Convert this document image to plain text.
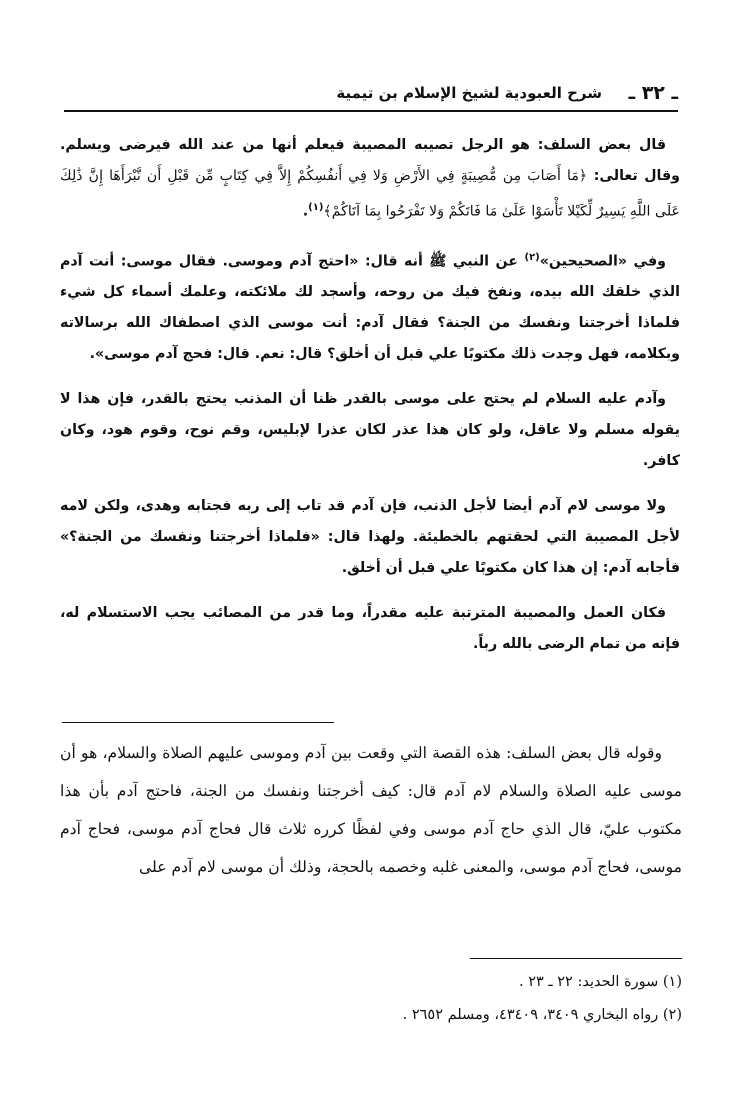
ـ ٣٢ ـ
شرح العبودية لشيخ الإسلام بن تيمية

قال بعض السلف: هو الرجل تصيبه المصيبة فيعلم أنها من عند الله فيرضى ويسلم. وقال تعالى: ﴿مَا أَصَابَ مِن مُّصِيبَةٍ فِي الأَرْضِ وَلا فِي أَنفُسِكُمْ إِلاَّ فِي كِتَابٍ مِّن قَبْلِ أَن نَّبْرَأَهَا إِنَّ ذَٰلِكَ عَلَى اللَّهِ يَسِيرٌ لِّكَيْلا تَأْسَوْا عَلَىٰ مَا فَاتَكُمْ وَلا تَفْرَحُوا بِمَا آتَاكُمْ﴾$^{(١)}$.

وفي «الصحيحين»$^{(٢)}$ عن النبي ﷺ أنه قال: «احتج آدم وموسى. فقال موسى: أنت آدم الذي خلقك الله بيده، ونفخ فيك من روحه، وأسجد لك ملائكته، وعلمك أسماء كل شيء فلماذا أخرجتنا ونفسك من الجنة؟ فقال آدم: أنت موسى الذي اصطفاك الله برسالاته وبكلامه، فهل وجدت ذلك مكتوبًا علي قبل أن أخلق؟ قال: نعم. قال: فحج آدم موسى».

وآدم عليه السلام لم يحتج على موسى بالقدر ظنا أن المذنب يحتج بالقدر، فإن هذا لا يقوله مسلم ولا عاقل، ولو كان هذا عذر لكان عذرا لإبليس، وقم نوح، وقوم هود، وكان كافر.

ولا موسى لام آدم أيضا لأجل الذنب، فإن آدم قد تاب إلى ربه فجتابه وهدى، ولكن لامه لأجل المصيبة التي لحقتهم بالخطيئة. ولهذا قال: «فلماذا أخرجتنا ونفسك من الجنة؟» فأجابه آدم: إن هذا كان مكتوبًا علي قبل أن أخلق.

فكان العمل والمصيبة المترتبة عليه مقدراً، وما قدر من المصائب يجب الاستسلام له، فإنه من تمام الرضى بالله رباً.

وقوله قال بعض السلف: هذه القصة التي وقعت بين آدم وموسى عليهم الصلاة والسلام، هو أن موسى عليه الصلاة والسلام لام آدم قال: كيف أخرجتنا ونفسك من الجنة، فاحتج آدم بأن هذا مكتوب عليّ، قال الذي حاج آدم موسى وفي لفظًا كرره ثلاث قال فحاج آدم موسى، فحاج آدم موسى، فحاج آدم موسى، والمعنى غلبه وخصمه بالحجة، وذلك أن موسى لام آدم على

(١) سورة الحديد: ٢٢ ـ ٢٣ .
(٢) رواه البخاري ٣٤٠٩، ٤٣٤٠٩، ومسلم ٢٦٥٢ .
